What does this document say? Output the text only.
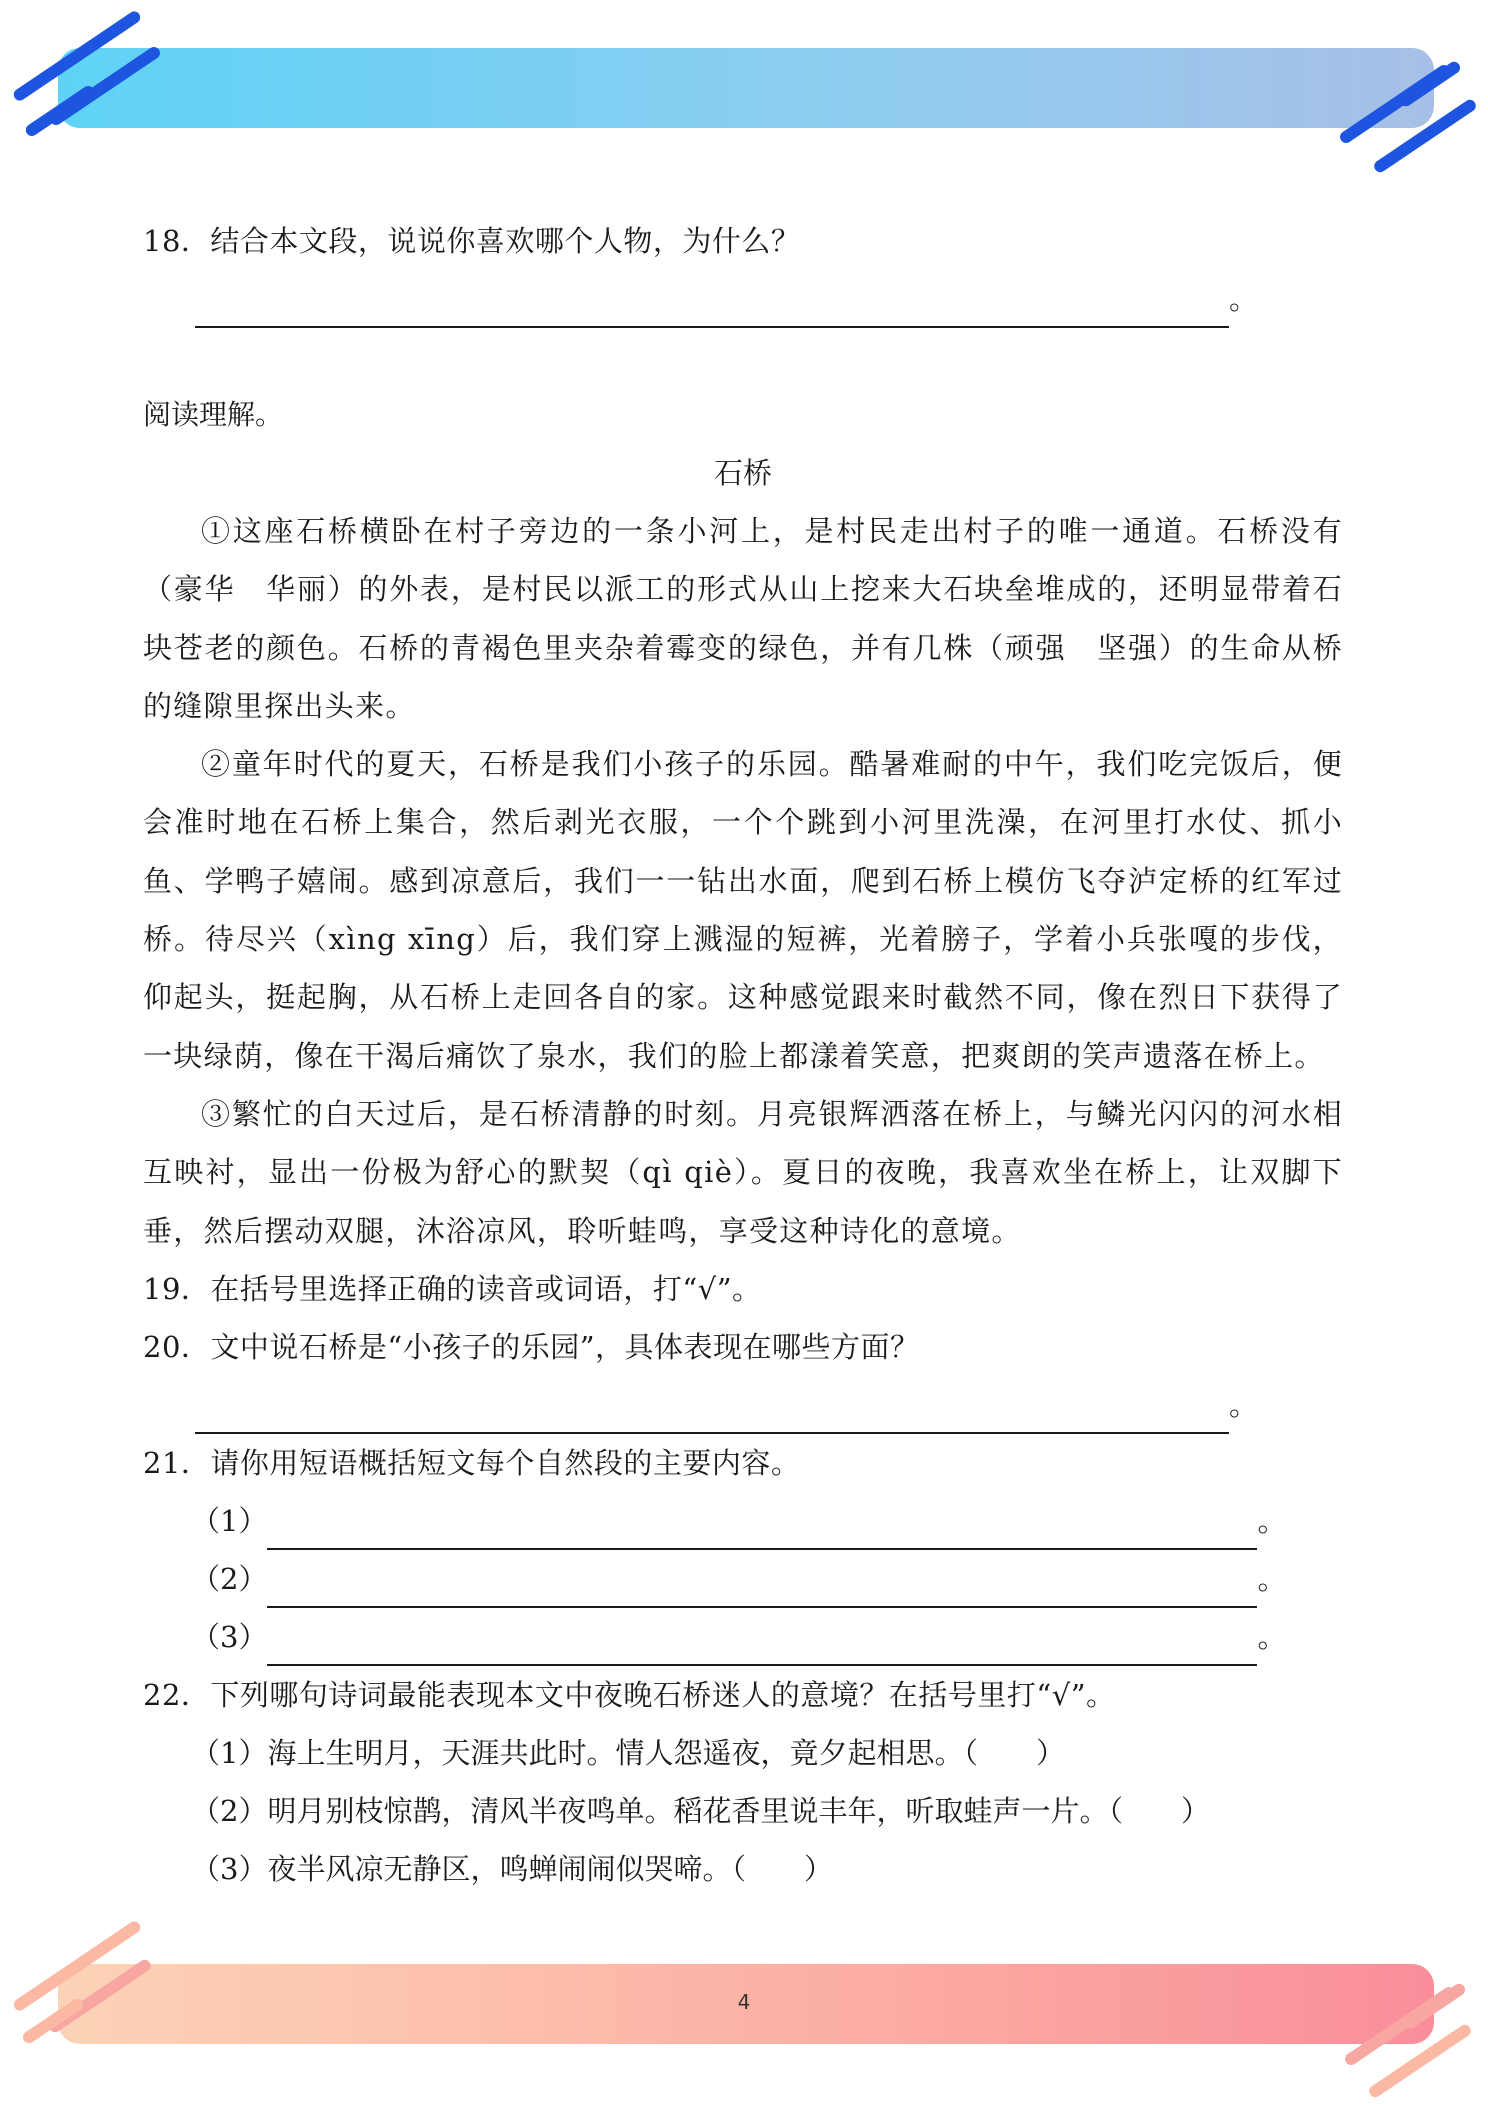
18．结合本文段，说说你喜欢哪个人物，为什么？
。
阅读理解。
石桥

①这座石桥横卧在村子旁边的一条小河上，是村民走出村子的唯一通道。石桥没有（豪华　华丽）的外表，是村民以派工的形式从山上挖来大石块垒堆成的，还明显带着石块苍老的颜色。石桥的青褐色里夹杂着霉变的绿色，并有几株（顽强　坚强）的生命从桥的缝隙里探出头来。

②童年时代的夏天，石桥是我们小孩子的乐园。酷暑难耐的中午，我们吃完饭后，便会准时地在石桥上集合，然后剥光衣服，一个个跳到小河里洗澡，在河里打水仗、抓小鱼、学鸭子嬉闹。感到凉意后，我们一一钻出水面，爬到石桥上模仿飞夺泸定桥的红军过桥。待尽兴（xìng xīng）后，我们穿上溅湿的短裤，光着膀子，学着小兵张嘎的步伐，仰起头，挺起胸，从石桥上走回各自的家。这种感觉跟来时截然不同，像在烈日下获得了一块绿荫，像在干渴后痛饮了泉水，我们的脸上都漾着笑意，把爽朗的笑声遗落在桥上。

③繁忙的白天过后，是石桥清静的时刻。月亮银辉洒落在桥上，与鳞光闪闪的河水相互映衬，显出一份极为舒心的默契（qì qiè）。夏日的夜晚，我喜欢坐在桥上，让双脚下垂，然后摆动双腿，沐浴凉风，聆听蛙鸣，享受这种诗化的意境。

19．在括号里选择正确的读音或词语，打“√”。
20．文中说石桥是“小孩子的乐园”，具体表现在哪些方面？
。
21．请你用短语概括短文每个自然段的主要内容。
（1）	。
（2）	。
（3）	。
22．下列哪句诗词最能表现本文中夜晚石桥迷人的意境？在括号里打“√”。
（1）海上生明月，天涯共此时。情人怨遥夜，竟夕起相思。（　　）
（2）明月别枝惊鹊，清风半夜鸣单。稻花香里说丰年，听取蛙声一片。（　　）
（3）夜半风凉无静区，鸣蝉闹闹似哭啼。（　　）
4
